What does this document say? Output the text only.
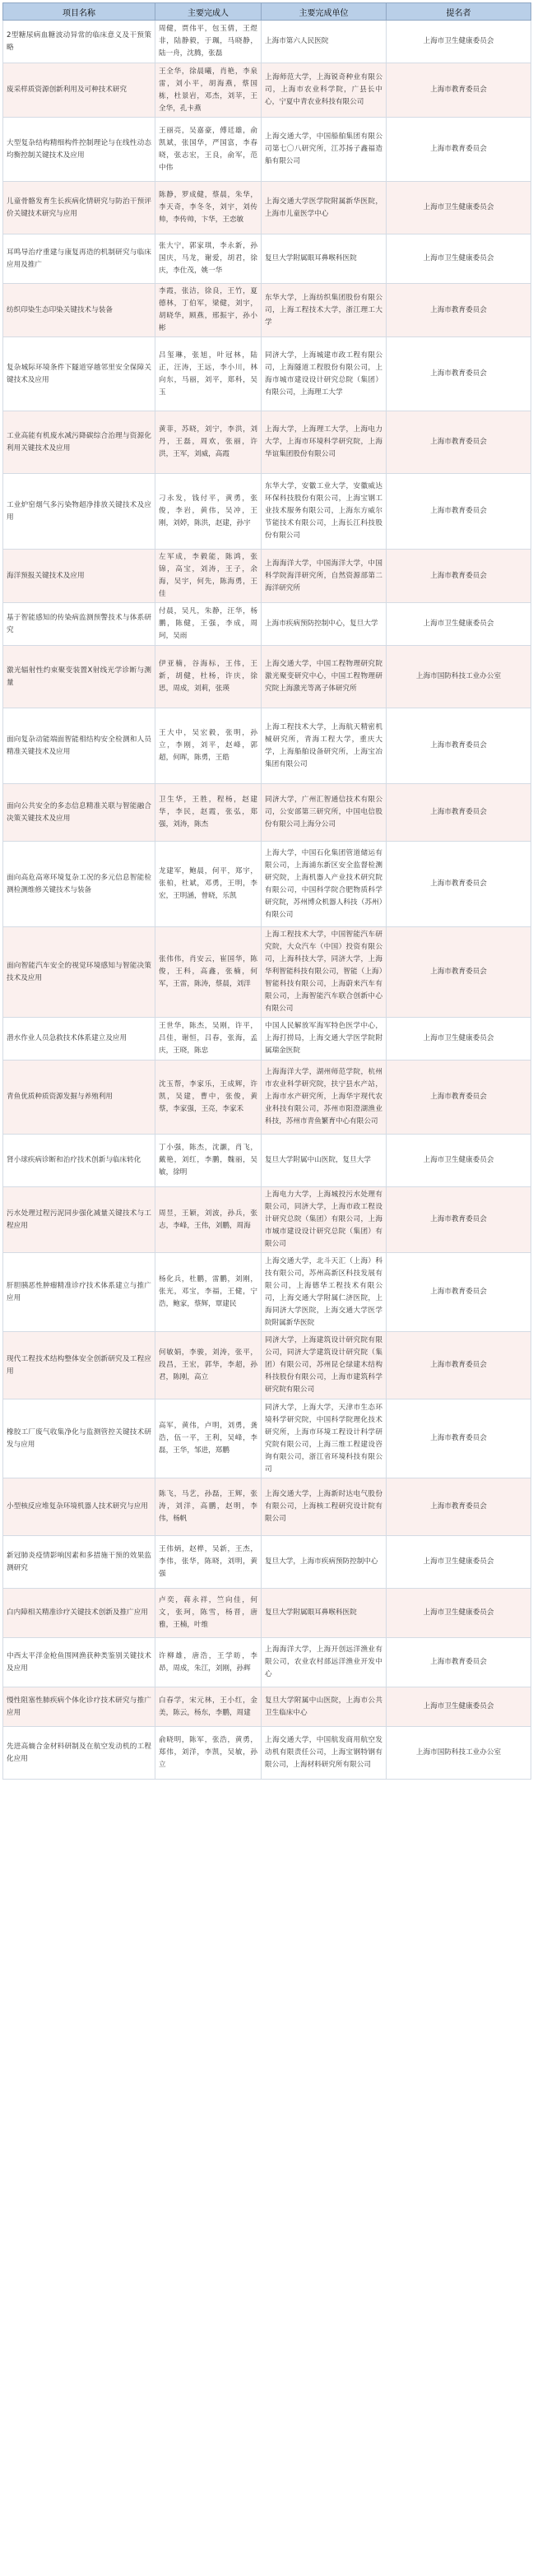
项目名称	主要完成人	主要完成单位	提名者
2型糖尿病血糖波动异常的临床意义及干预策略	周健，贾伟平，包玉倩，王煜非，陆静毅，于珮，马晓静，陆一舟，沈腾，张磊	上海市第六人民医院	上海市卫生健康委员会
废采样质资源创新利用及可种技术研究	王全华，徐晨曦，肖艳，李泉雷，刘小平，胡海燕，蔡国栋，杜景岩，邓杰，刘苹，王全华，孔卡燕	上海师范大学，上海锐奇种业有限公司，上海市农业科学院，广县长中心，宁夏中青农业科技有限公司	上海市教育委员会
大型复杂结构精细构件控制理论与在线性动态均衡控制关键技术及应用	王丽亮，吴嘉豪，傅廷雄，俞凯斌，张国华，严国富，李春晓，张志宏，王良，俞军，范中伟	上海交通大学，中国船舶集团有限公司第七〇八研究所，江苏扬子鑫福造船有限公司	上海市教育委员会
儿童骨骼发育生长疾病化情研究与防治干预评价关键技术研究与应用	陈静，罗成健，蔡晨，朱华，李天奇，李冬冬，刘宇，刘传帅，李传帅，卞华，王恋敏	上海交通大学医学院附属新华医院，上海市儿童医学中心	上海市卫生健康委员会
耳鸣导治疗重建与康复再造的机制研究与临床应用及推广	张大宁，郭家琪，李永新，孙国庆，马龙，谢爱，胡君，徐庆，李仕茂，姚一华	复旦大学附属眼耳鼻喉科医院	上海市卫生健康委员会
纺织印染生态印染关键技术与装备	李霞，张洁，徐良，王竹，夏德林，丁伯军，梁健，刘宇，胡晓华，顾燕，邢振宇，孙小彬	东华大学，上海纺织集团股份有限公司，上海工程技术大学，浙江理工大学	上海市教育委员会
复杂城际环境条件下隧道穿越邻里安全保障关键技术及应用	吕玺琳，张旭，叶冠林，陆正，汪涛，王远，李小川，林向东，马丽，刘平，郑科，吴玉	同济大学，上海城建市政工程有限公司，上海隧道工程股份有限公司，上海市城市建设设计研究总院（集团）有限公司，上海理工大学	上海市教育委员会
工业高能有机废水减污降碳综合治理与资源化利用关键技术及应用	黄菲，苏晓，刘宁，李洪，刘丹，王磊，周欢，张丽，许洪，王军，刘威，高霞	上海大学，上海理工大学，上海电力大学，上海市环境科学研究院，上海华谊集团股份有限公司	上海市教育委员会
工业炉窑烟气多污染物超净排放关键技术及应用	刁永发，钱付平，黄勇，张俊，李岩，黄伟，吴冲，王刚，刘婷，陈洪，赵建，孙宇	东华大学，安徽工业大学，安徽威达环保科技股份有限公司，上海宝钢工业技术服务有限公司，上海东方威尔节能技术有限公司，上海长江科技股份有限公司	上海市教育委员会
海洋预报关键技术及应用	左军成，李毅能，陈鸿，张锦，高宝，刘涛，王子，余海，吴宇，何先，陈海勇，王佳	上海海洋大学，中国海洋大学，中国科学院海洋研究所，自然资源部第二海洋研究所	上海市教育委员会
基于智能感知的传染病监测预警技术与体系研究	付晨，吴凡，朱静，汪华，杨鹏，陈健，王强，李成，周珂，吴雨	上海市疾病预防控制中心，复旦大学	上海市卫生健康委员会
激光辐射性约束聚变装置X射线光学诊断与测量	伊亚楠，谷海标，王伟，王新，胡健，杜杨，许庆，徐思，周成，刘莉，张瑛	上海交通大学，中国工程物理研究院激光聚变研究中心，中国工程物理研究院上海激光等离子体研究所	上海市国防科技工业办公室
面向复杂动能端面智能相结构安全检测和人员精准关键技术及应用	王大中，吴宏毅，张明，孙立，李刚，刘平，赵峰，郭超，何晖，陈勇，王皓	上海工程技术大学，上海航天精密机械研究所，青海工程大学，重庆大学，上海船舶设备研究所，上海宝冶集团有限公司	上海市教育委员会
面向公共安全的多态信息精准关联与智能融合决策关键技术及应用	卫生华，王胜，程杨，赵建华，李民，赵霞，张弘，郑强，刘涛，陈杰	同济大学，广州汇智通信技术有限公司，公安部第三研究所，中国电信股份有限公司上海分公司	上海市教育委员会
面向高危高寒环境复杂工况的多元信息智能检测检测维修关键技术与装备	龙建军，鲍晨，何平，郑宇，张柏，杜斌，邓勇，王明，李宏，王明涵，曾晓，乐凯	上海大学，中国石化集团管道储运有限公司，上海浦东新区安全监督检测研究院，上海机器人产业技术研究院有限公司，中国科学院合肥物质科学研究院，苏州博众机器人科技（苏州）有限公司	上海市教育委员会
面向智能汽车安全的视觉环境感知与智能决策技术及应用	张伟伟，肖安云，崔国华，陈俊，王科，高鑫，张楠，何军，王雷，陈涛，蔡晨，刘洋	上海工程技术大学，中国智能汽车研究院，大众汽车（中国）投资有限公司，上海科技大学，同济大学，上海华利智能科技有限公司，智能（上海）智能科技有限公司，上海蔚来汽车有限公司，上海智能汽车联合创新中心有限公司	上海市教育委员会
潜水作业人员急救技术体系建立及应用	王世华，陈杰，吴刚，许平，吕佳，谢恒，吕春，张海，孟庆，王晓，陈忠	中国人民解放军海军特色医学中心，上海打捞局，上海交通大学医学院附属瑞金医院	上海市卫生健康委员会
青鱼优质种质资源发掘与养殖利用	沈玉帮，李家乐，王成辉，许凯，吴建，曹中，张俊，黄蔡，李家强，王亮，李家禾	上海海洋大学，湖州师范学院，杭州市农业科学研究院，扶宁县水产站，上海市水产研究所，上海华宇现代农业科技有限公司，苏州市阳澄湖渔业科技，苏州市青鱼繁育中心有限公司	上海市教育委员会
肾小球疾病诊断和治疗技术创新与临床转化	丁小强，陈杰，沈灏，肖飞，戴艳，刘红，李鹏，魏丽，吴敏，徐明	复旦大学附属中山医院，复旦大学	上海市卫生健康委员会
污水处理过程污泥同步强化减量关键技术与工程应用	周昱，王颖，刘波，孙兵，张志，李峰，王伟，刘鹏，周海	上海电力大学，上海城投污水处理有限公司，同济大学，上海市政工程设计研究总院（集团）有限公司，上海市城市建设设计研究总院（集团）有限公司	上海市教育委员会
肝胆胰恶性肿瘤精准诊疗技术体系建立与推广应用	杨化兵，杜鹏，雷鹏，刘刚，张光，邓宝，李福，王健，宁浩，鲍家，蔡辉，覃建民	上海交通大学，北斗天汇（上海）科技有限公司，苏州高新区科技发展有限公司，上海德华工程技术有限公司，上海交通大学附属仁济医院，上海同济大学医院，上海交通大学医学院附属新华医院	上海市教育委员会
现代工程技术结构整体安全创新研究及工程应用	何敏娟，李骏，刘涛，张平，段昌，王宏，郭华，李超，孙君，陈刚，高立	同济大学，上海建筑设计研究院有限公司，同济大学建筑设计研究院（集团）有限公司，苏州昆仑绿建木结构科技股份有限公司，上海市建筑科学研究院有限公司	上海市教育委员会
橡胶工厂废气收集净化与监测管控关键技术研发与应用	高军，黄伟，卢明，刘勇，龚浩，伍一平，王利，吴峰，李磊，王华，邹进，郑鹏	同济大学，上海大学，天津市生态环境科学研究院，中国科学院理化技术研究所，上海市环境工程设计科学研究院有限公司，上海三维工程建设咨询有限公司，浙江省环境科技有限公司	上海市教育委员会
小型核反应堆复杂环境机器人技术研究与应用	陈飞，马艺，孙磊，王辉，张涛，刘洋，高鹏，赵明，李伟，杨帆	上海交通大学，上海新时达电气股份有限公司，上海核工程研究设计院有限公司	上海市教育委员会
新冠肺炎疫情影响因素和多措施干预的效果监测研究	王伟炳，赵桦，吴新，王杰，李伟，张华，陈晓，刘明，黄强	复旦大学，上海市疾病预防控制中心	上海市卫生健康委员会
白内障相关精准诊疗关键技术创新及推广应用	卢奕，蒋永祥，竺向佳，何文，张珂，陈雪，杨晋，唐雅，王楠，叶维	复旦大学附属眼耳鼻喉科医院	上海市卫生健康委员会
中西太平洋金枪鱼围网渔获种类鉴别关键技术及应用	许柳雄，唐浩，王学昉，李昂，周成，朱江，刘刚，孙辉	上海海洋大学，上海开创远洋渔业有限公司，农业农村部远洋渔业开发中心	上海市教育委员会
慢性阻塞性肺疾病个体化诊疗技术研究与推广应用	白春学，宋元林，王小红，金美，陈云，杨东，李鹏，周建	复旦大学附属中山医院，上海市公共卫生临床中心	上海市卫生健康委员会
先进高熵合金材料研制及在航空发动机的工程化应用	俞晓明，陈军，张浩，黄勇，郑伟，刘洋，李凯，吴敏，孙立	上海交通大学，中国航发商用航空发动机有限责任公司，上海宝钢特钢有限公司，上海材料研究所有限公司	上海市国防科技工业办公室
